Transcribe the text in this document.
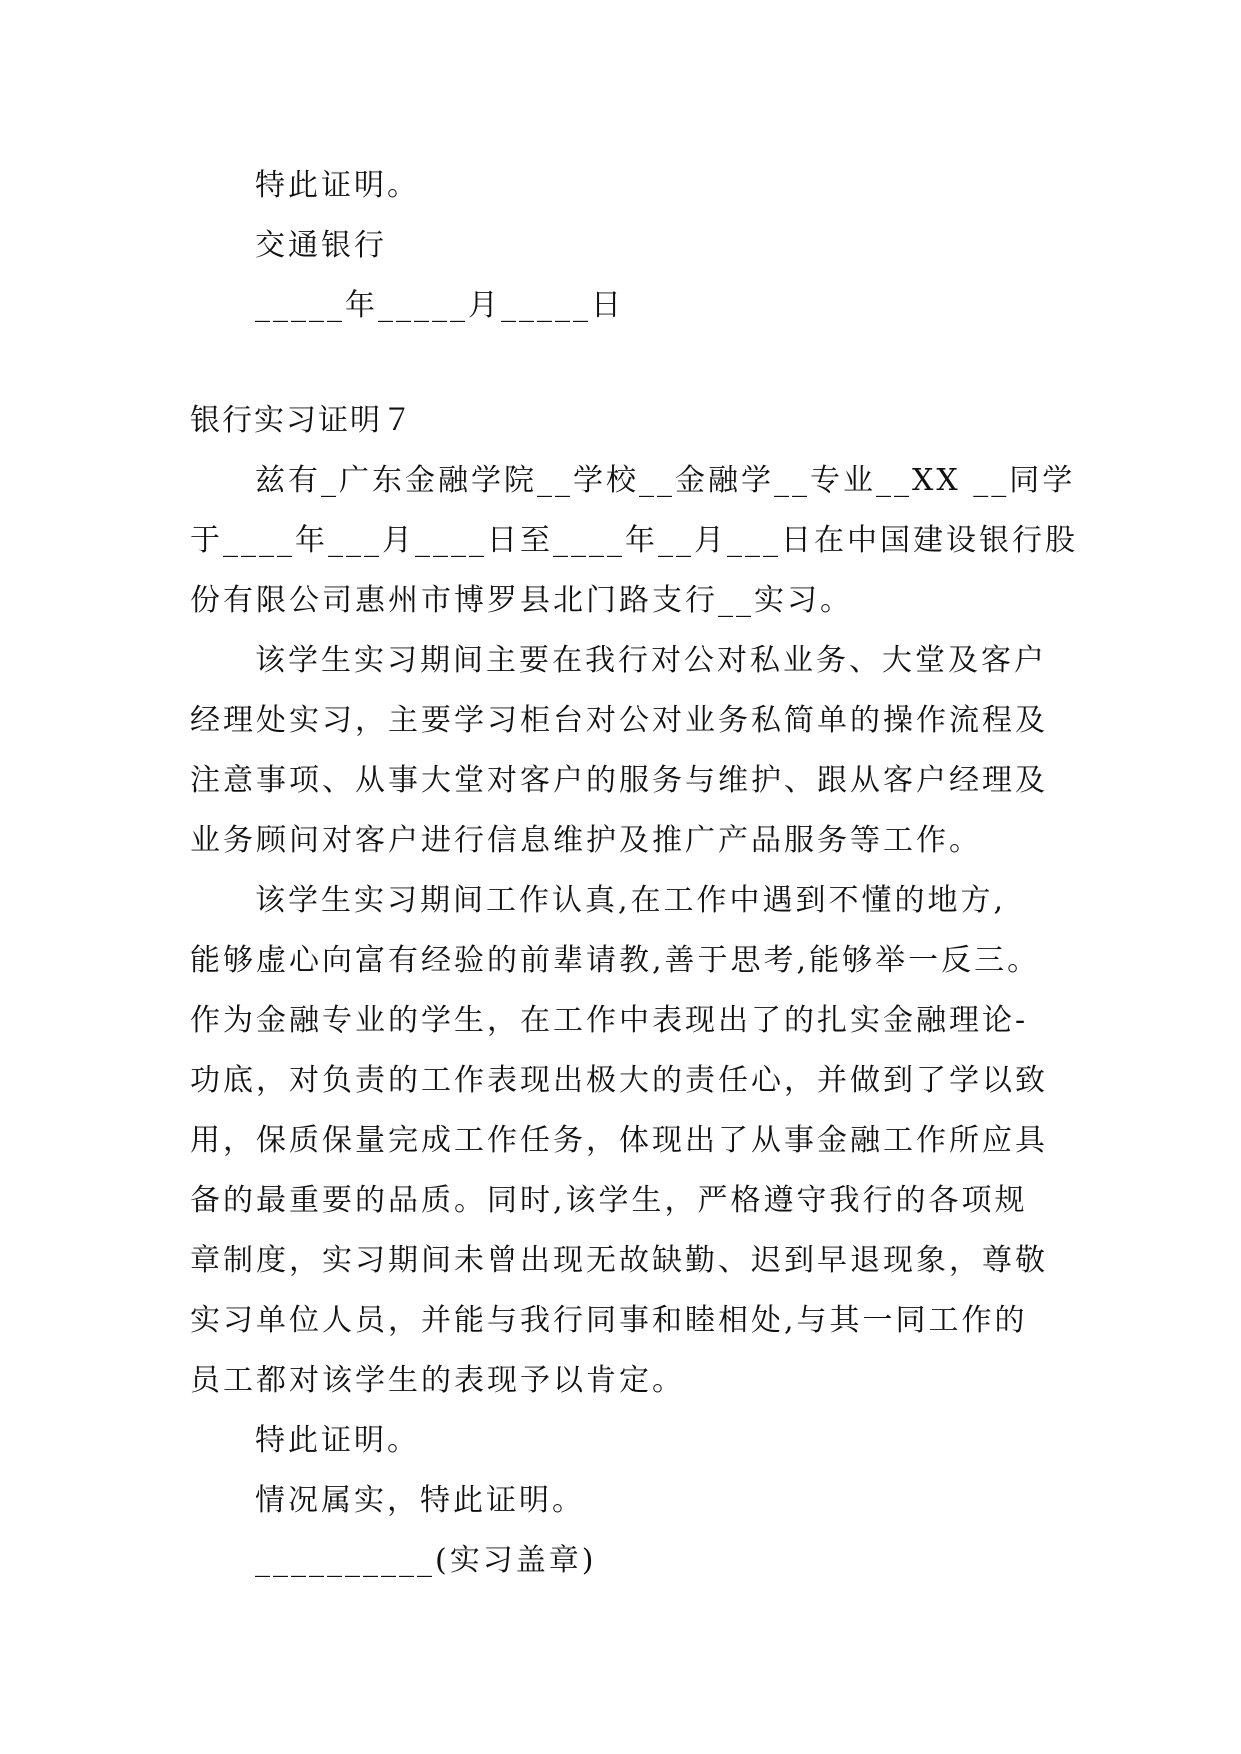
特此证明。
交通银行
_____年_____月_____日
银行实习证明７
兹有_广东金融学院__学校__金融学__专业__XX __同学
于____年___月____日至____年__月___日在中国建设银行股
份有限公司惠州市博罗县北门路支行__实习。
该学生实习期间主要在我行对公对私业务、大堂及客户
经理处实习，主要学习柜台对公对业务私简单的操作流程及
注意事项、从事大堂对客户的服务与维护、跟从客户经理及
业务顾问对客户进行信息维护及推广产品服务等工作。
该学生实习期间工作认真,在工作中遇到不懂的地方,
能够虚心向富有经验的前辈请教,善于思考,能够举一反三。
作为金融专业的学生，在工作中表现出了的扎实金融理论-
功底，对负责的工作表现出极大的责任心，并做到了学以致
用，保质保量完成工作任务，体现出了从事金融工作所应具
备的最重要的品质。同时,该学生，严格遵守我行的各项规
章制度，实习期间未曾出现无故缺勤、迟到早退现象，尊敬
实习单位人员，并能与我行同事和睦相处,与其一同工作的
员工都对该学生的表现予以肯定。
特此证明。
情况属实，特此证明。
__________(实习盖章)
